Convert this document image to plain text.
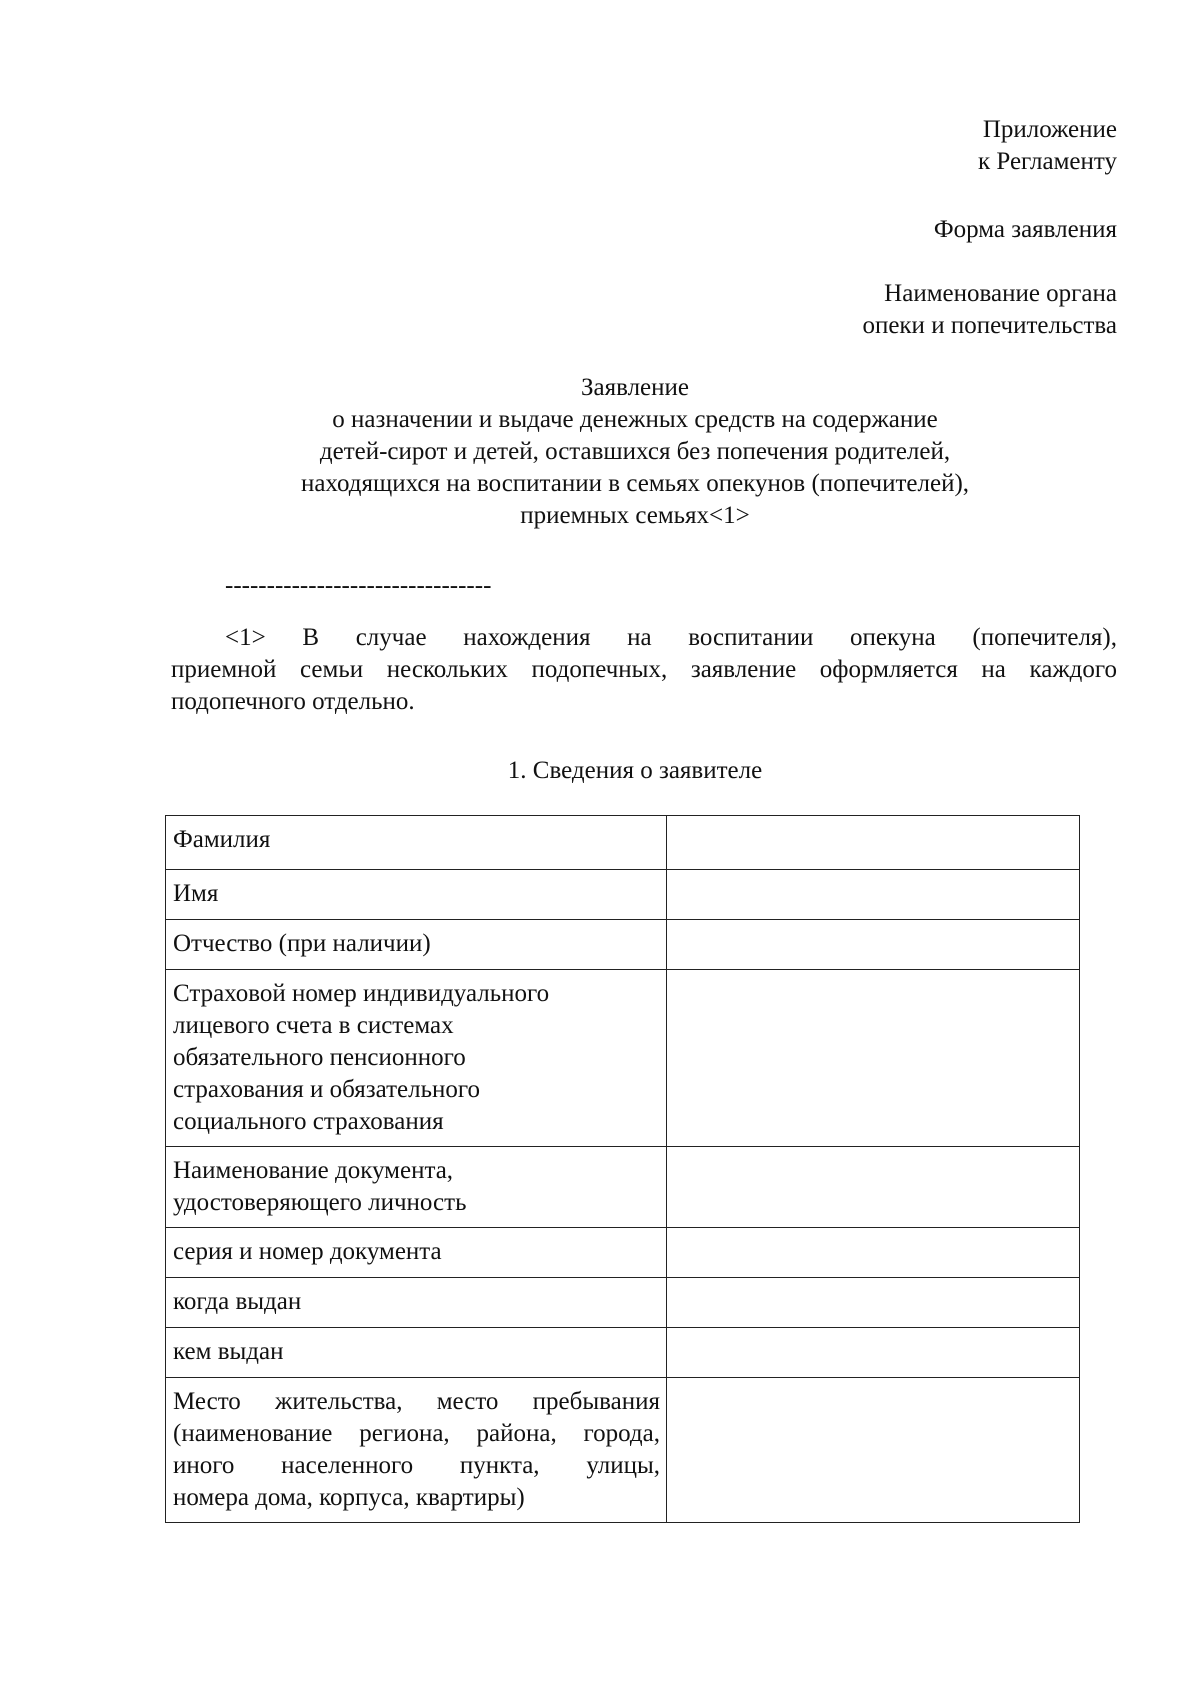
Приложение
к Регламенту
Форма заявления
Наименование органа
опеки и попечительства
Заявление
о назначении и выдаче денежных средств на содержание
детей-сирот и детей, оставшихся без попечения родителей,
находящихся на воспитании в семьях опекунов (попечителей),
приемных семьях<1>
--------------------------------
<1> В случае нахождения на воспитании опекуна (попечителя),
приемной семьи нескольких подопечных, заявление оформляется на каждого
подопечного отдельно.
1. Сведения о заявителе
Фамилия	

Имя	

Отчество (при наличии)	

Страховой номер индивидуального
лицевого счета в системах
обязательного пенсионного
страхования и обязательного
социального страхования	

Наименование документа,
удостоверяющего личность	

серия и номер документа	

когда выдан	

кем выдан	

Место жительства, место пребывания
(наименование региона, района, города,
иного населенного пункта, улицы,
номера дома, корпуса, квартиры)	
